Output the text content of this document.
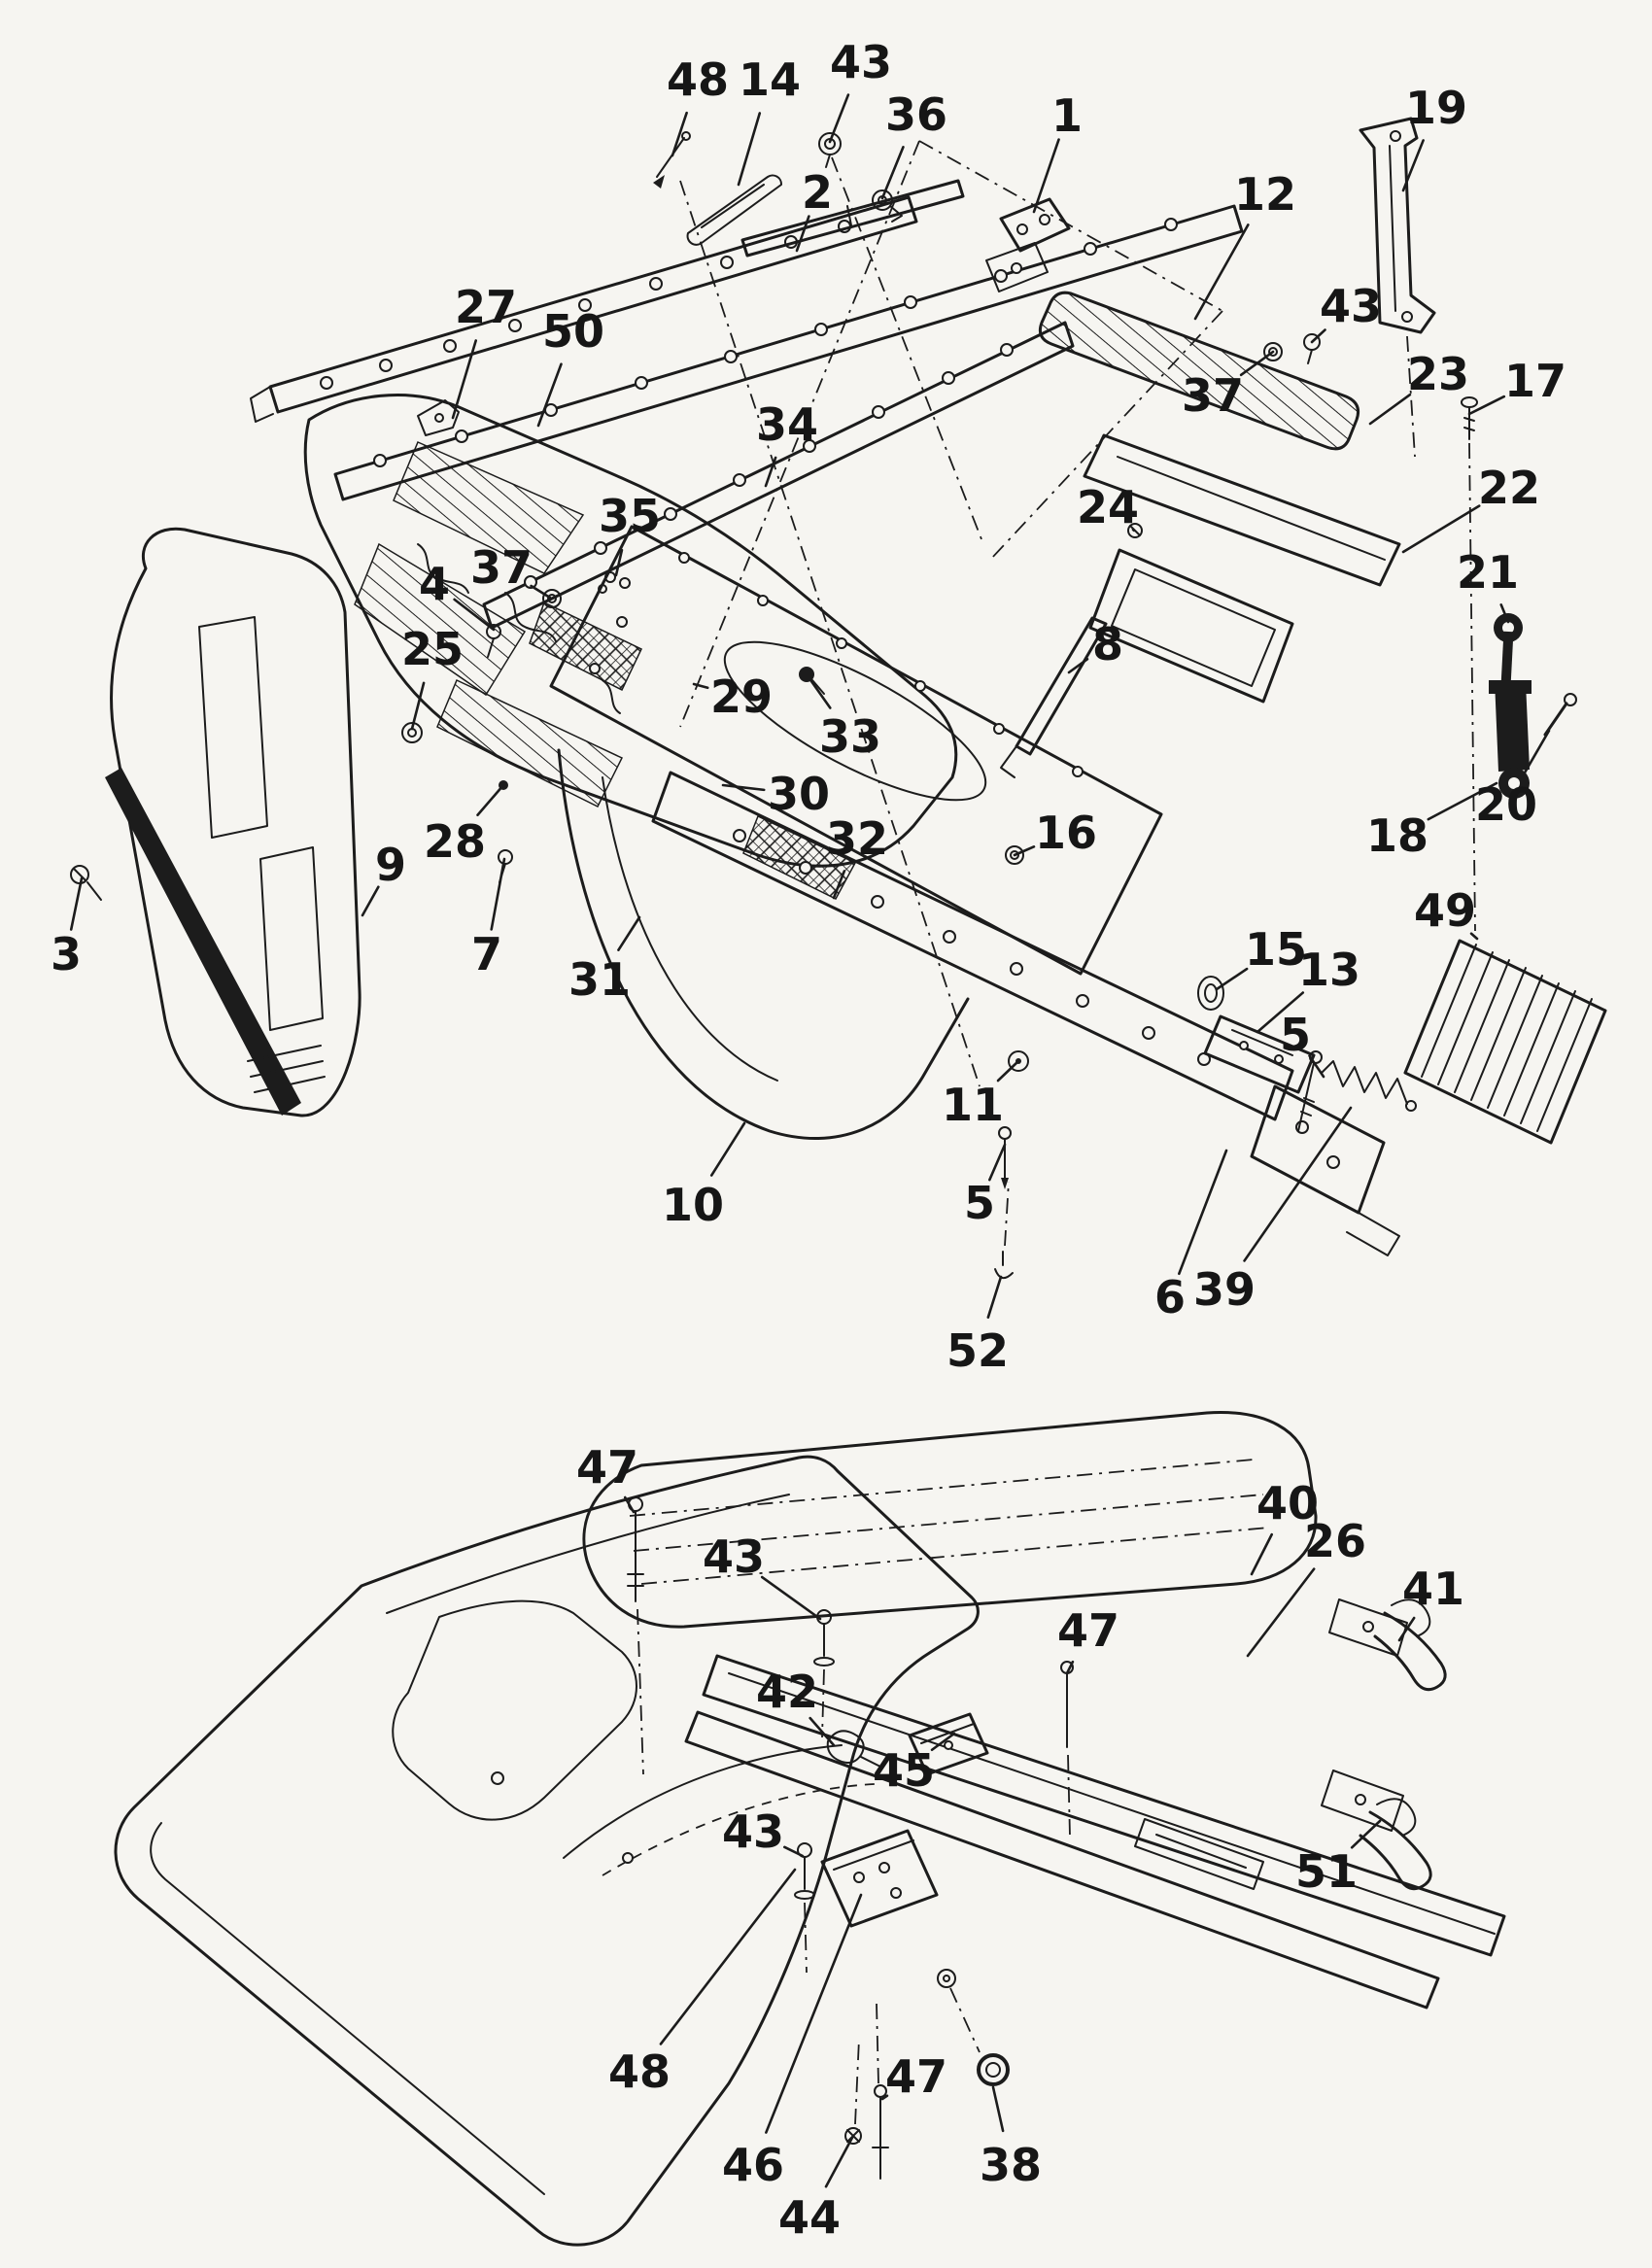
48 14 43
36
2
1
12
19
43
37	23 17
27 50
34
35
37
4
25
3
9 28
7 31
29
33
30
32	16
24
8
22
21
18
20
49
15
13
5
11
10	5
52
6 39
47
43
42
47
45
43
40
26
41
51
48
46
44
47
38
